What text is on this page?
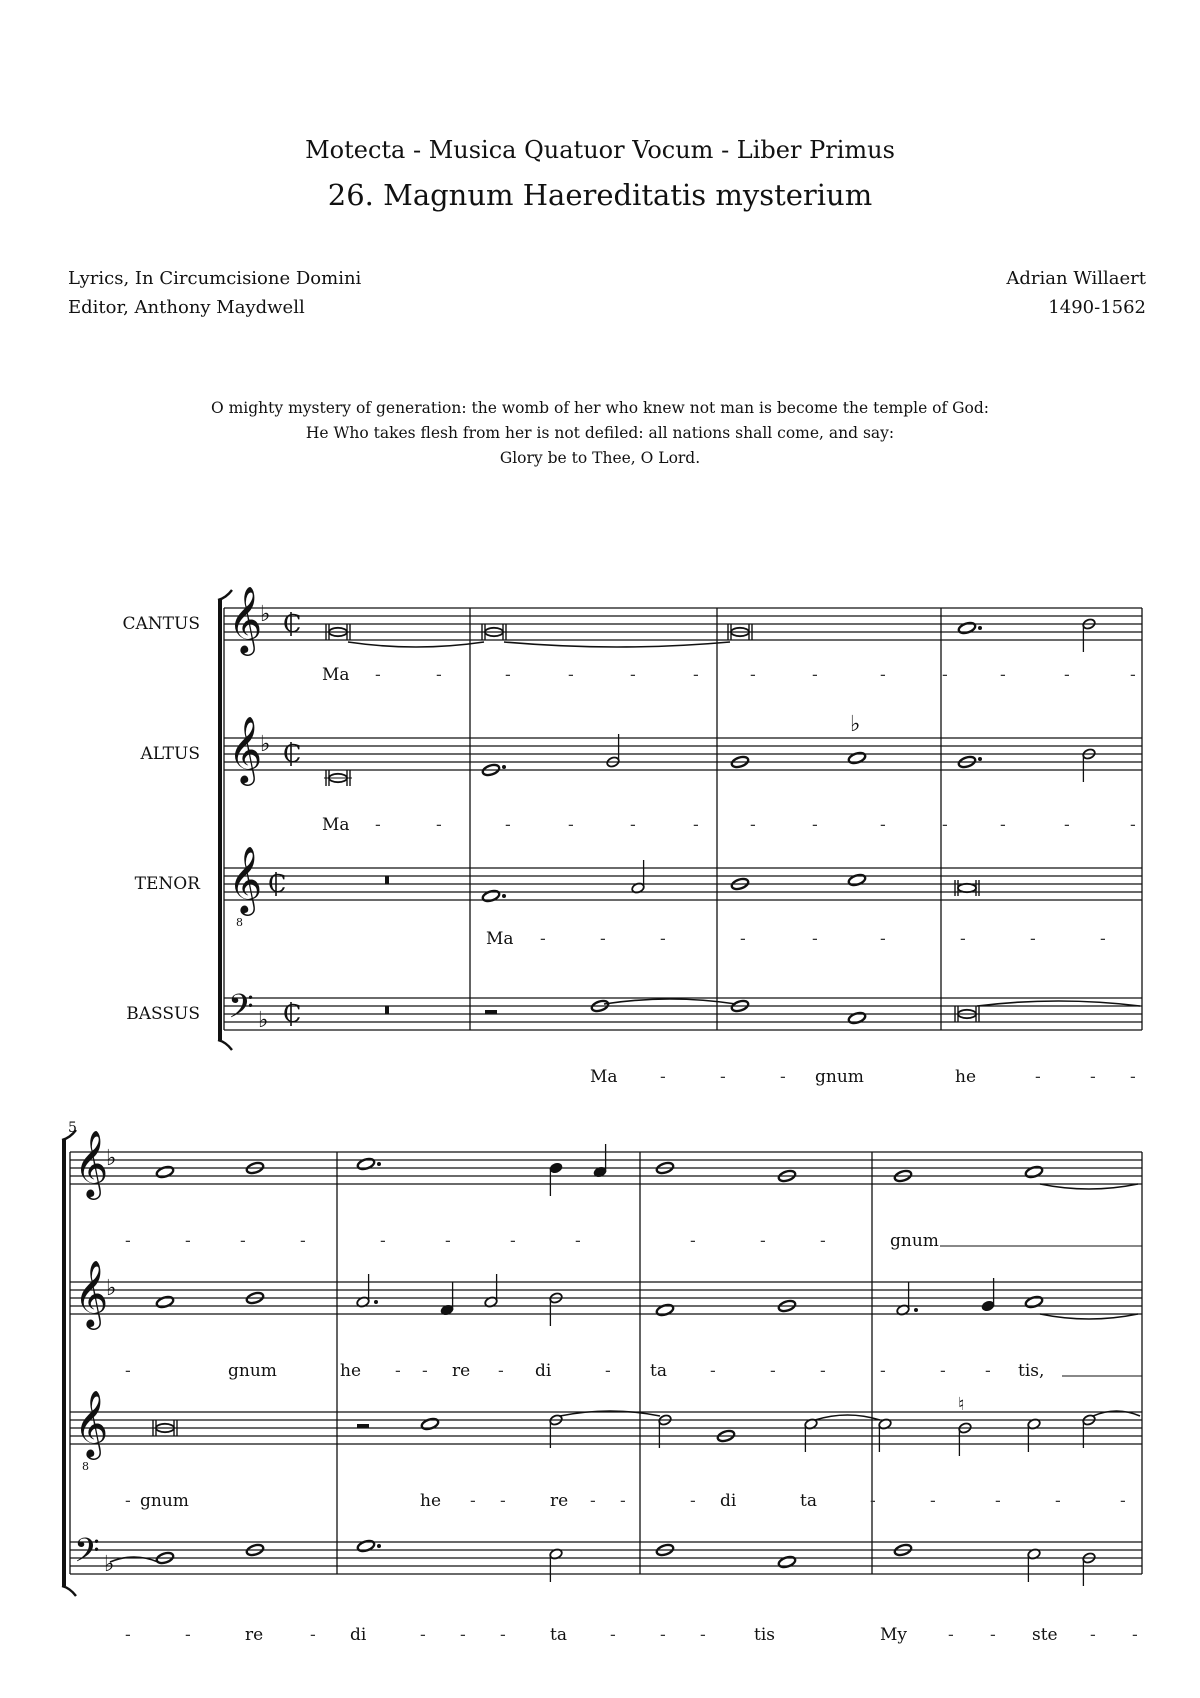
Motecta - Musica Quatuor Vocum - Liber Primus
26. Magnum Haereditatis mysterium
Lyrics, In Circumcisione Domini
Editor, Anthony Maydwell
Adrian Willaert
1490-1562
O mighty mystery of generation: the womb of her who knew not man is become the temple of God:
He Who takes flesh from her is not defiled: all nations shall come, and say:
Glory be to Thee, O Lord.
CANTUS
ALTUS
TENOR
BASSUS
5
𝄞
♭ C
𝄞
♭ C
𝄞
8
C
𝄢 ♭ C
Ma -	-	-	-	-	-	-	-	-	-	-	-	-
♭
Ma -	-	-	-	-	-	-	-	-	-	-	-	-
Ma -	-	-	-	-	-	-	-	-
Ma	gnum	he
-	-	-	-	- -
𝄞
♭
𝄞
♭
𝄞
8
𝄢 ♭
gnum
-	-	-	-	-	-	-	-	-	-	-
gnum	he	re	di	ta	tis,
-	- -	-	-	-	-	-	-	- -
♮
gnum	he	re	di	ta
-	- -	- -	-	-	-	-	-	-
re	di	ta	tis	My	ste
-	-	-	- - -	-	- -	- -	- -
